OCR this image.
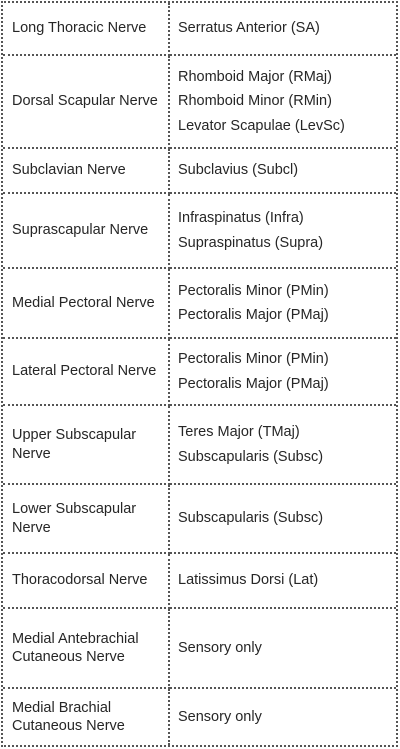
Long Thoracic Nerve	Serratus Anterior (SA)

Dorsal Scapular Nerve	Rhomboid Major (RMaj)
Rhomboid Minor (RMin)
Levator Scapulae (LevSc)

Subclavian Nerve	Subclavius (Subcl)

Suprascapular Nerve	Infraspinatus (Infra)
Supraspinatus (Supra)

Medial Pectoral Nerve	Pectoralis Minor (PMin)
Pectoralis Major (PMaj)

Lateral Pectoral Nerve	Pectoralis Minor (PMin)
Pectoralis Major (PMaj)

Upper Subscapular Nerve	Teres Major (TMaj)
Subscapularis (Subsc)

Lower Subscapular Nerve	Subscapularis (Subsc)

Thoracodorsal Nerve	Latissimus Dorsi (Lat)

Medial Antebrachial Cutaneous Nerve	Sensory only

Medial Brachial Cutaneous Nerve	Sensory only
